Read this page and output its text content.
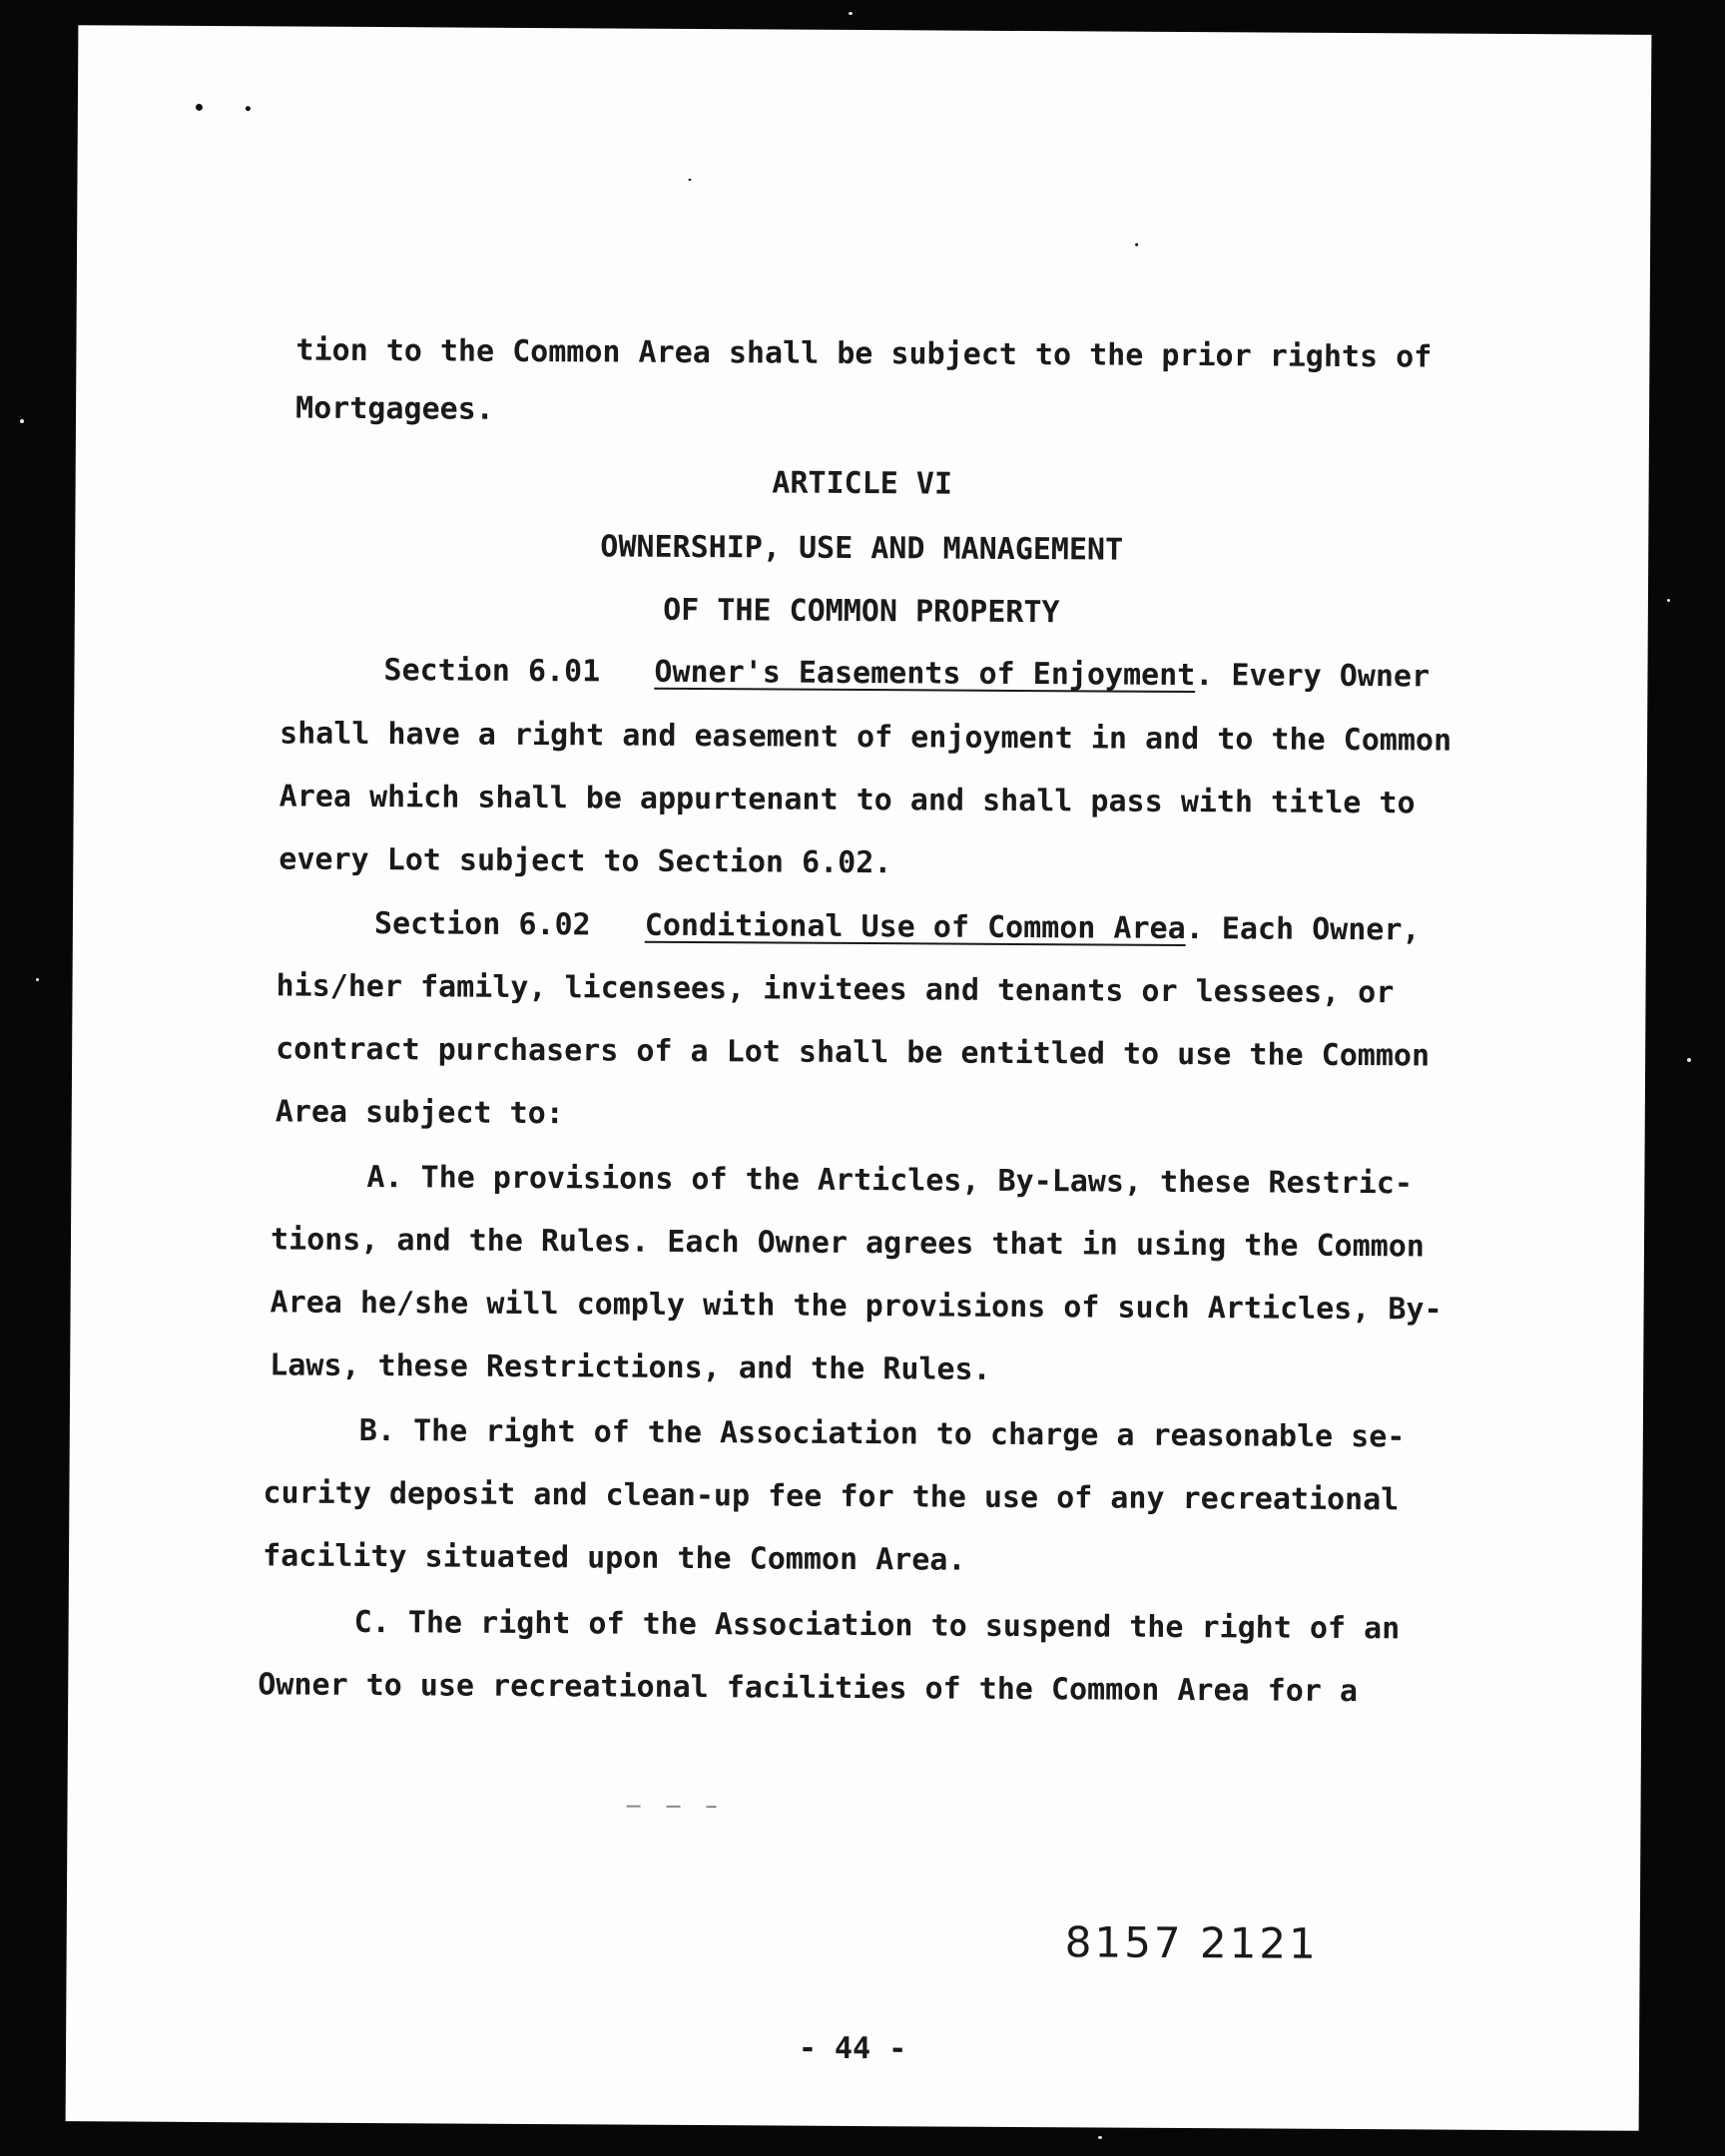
tion to the Common Area shall be subject to the prior rights of
Mortgagees.
ARTICLE VI
OWNERSHIP, USE AND MANAGEMENT
OF THE COMMON PROPERTY
Section 6.01 Owner's Easements of Enjoyment. Every Owner
shall have a right and easement of enjoyment in and to the Common
Area which shall be appurtenant to and shall pass with title to
every Lot subject to Section 6.02.
Section 6.02 Conditional Use of Common Area. Each Owner,
his/her family, licensees, invitees and tenants or lessees, or
contract purchasers of a Lot shall be entitled to use the Common
Area subject to:
A. The provisions of the Articles, By-Laws, these Restric-
tions, and the Rules. Each Owner agrees that in using the Common
Area he/she will comply with the provisions of such Articles, By-
Laws, these Restrictions, and the Rules.
B. The right of the Association to charge a reasonable se-
curity deposit and clean-up fee for the use of any recreational
facility situated upon the Common Area.
C. The right of the Association to suspend the right of an
Owner to use recreational facilities of the Common Area for a
8157 2121
- 44 -
